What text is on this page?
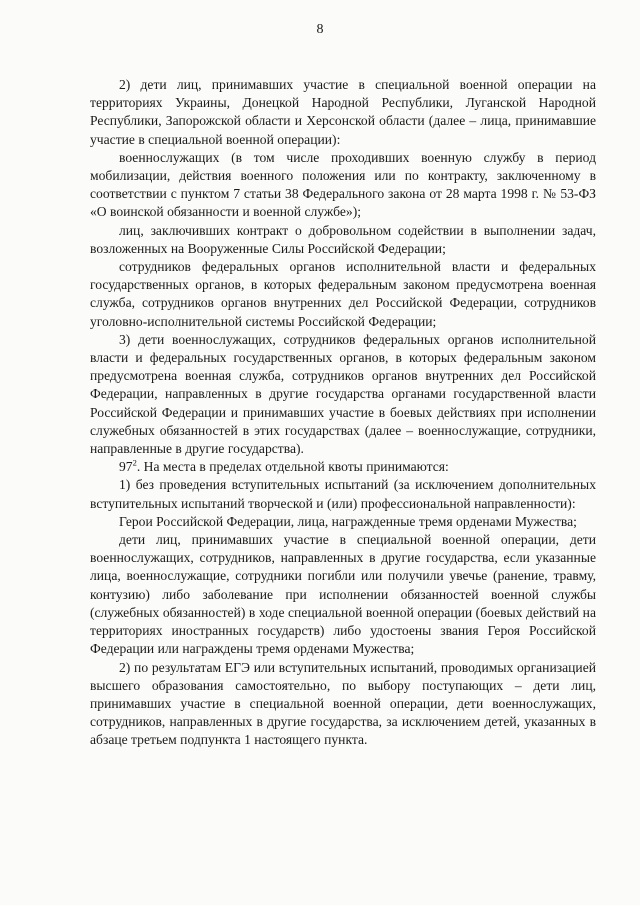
8

2) дети лиц, принимавших участие в специальной военной операции на территориях Украины, Донецкой Народной Республики, Луганской Народной Республики, Запорожской области и Херсонской области (далее – лица, принимавшие участие в специальной военной операции):

военнослужащих (в том числе проходивших военную службу в период мобилизации, действия военного положения или по контракту, заключенному в соответствии с пунктом 7 статьи 38 Федерального закона от 28 марта 1998 г. № 53-ФЗ «О воинской обязанности и военной службе»);

лиц, заключивших контракт о добровольном содействии в выполнении задач, возложенных на Вооруженные Силы Российской Федерации;

сотрудников федеральных органов исполнительной власти и федеральных государственных органов, в которых федеральным законом предусмотрена военная служба, сотрудников органов внутренних дел Российской Федерации, сотрудников уголовно-исполнительной системы Российской Федерации;

3) дети военнослужащих, сотрудников федеральных органов исполнительной власти и федеральных государственных органов, в которых федеральным законом предусмотрена военная служба, сотрудников органов внутренних дел Российской Федерации, направленных в другие государства органами государственной власти Российской Федерации и принимавших участие в боевых действиях при исполнении служебных обязанностей в этих государствах (далее – военнослужащие, сотрудники, направленные в другие государства).

$97^2$. На места в пределах отдельной квоты принимаются:

1) без проведения вступительных испытаний (за исключением дополнительных вступительных испытаний творческой и (или) профессиональной направленности):

Герои Российской Федерации, лица, награжденные тремя орденами Мужества;

дети лиц, принимавших участие в специальной военной операции, дети военнослужащих, сотрудников, направленных в другие государства, если указанные лица, военнослужащие, сотрудники погибли или получили увечье (ранение, травму, контузию) либо заболевание при исполнении обязанностей военной службы (служебных обязанностей) в ходе специальной военной операции (боевых действий на территориях иностранных государств) либо удостоены звания Героя Российской Федерации или награждены тремя орденами Мужества;

2) по результатам ЕГЭ или вступительных испытаний, проводимых организацией высшего образования самостоятельно, по выбору поступающих – дети лиц, принимавших участие в специальной военной операции, дети военнослужащих, сотрудников, направленных в другие государства, за исключением детей, указанных в абзаце третьем подпункта 1 настоящего пункта.
